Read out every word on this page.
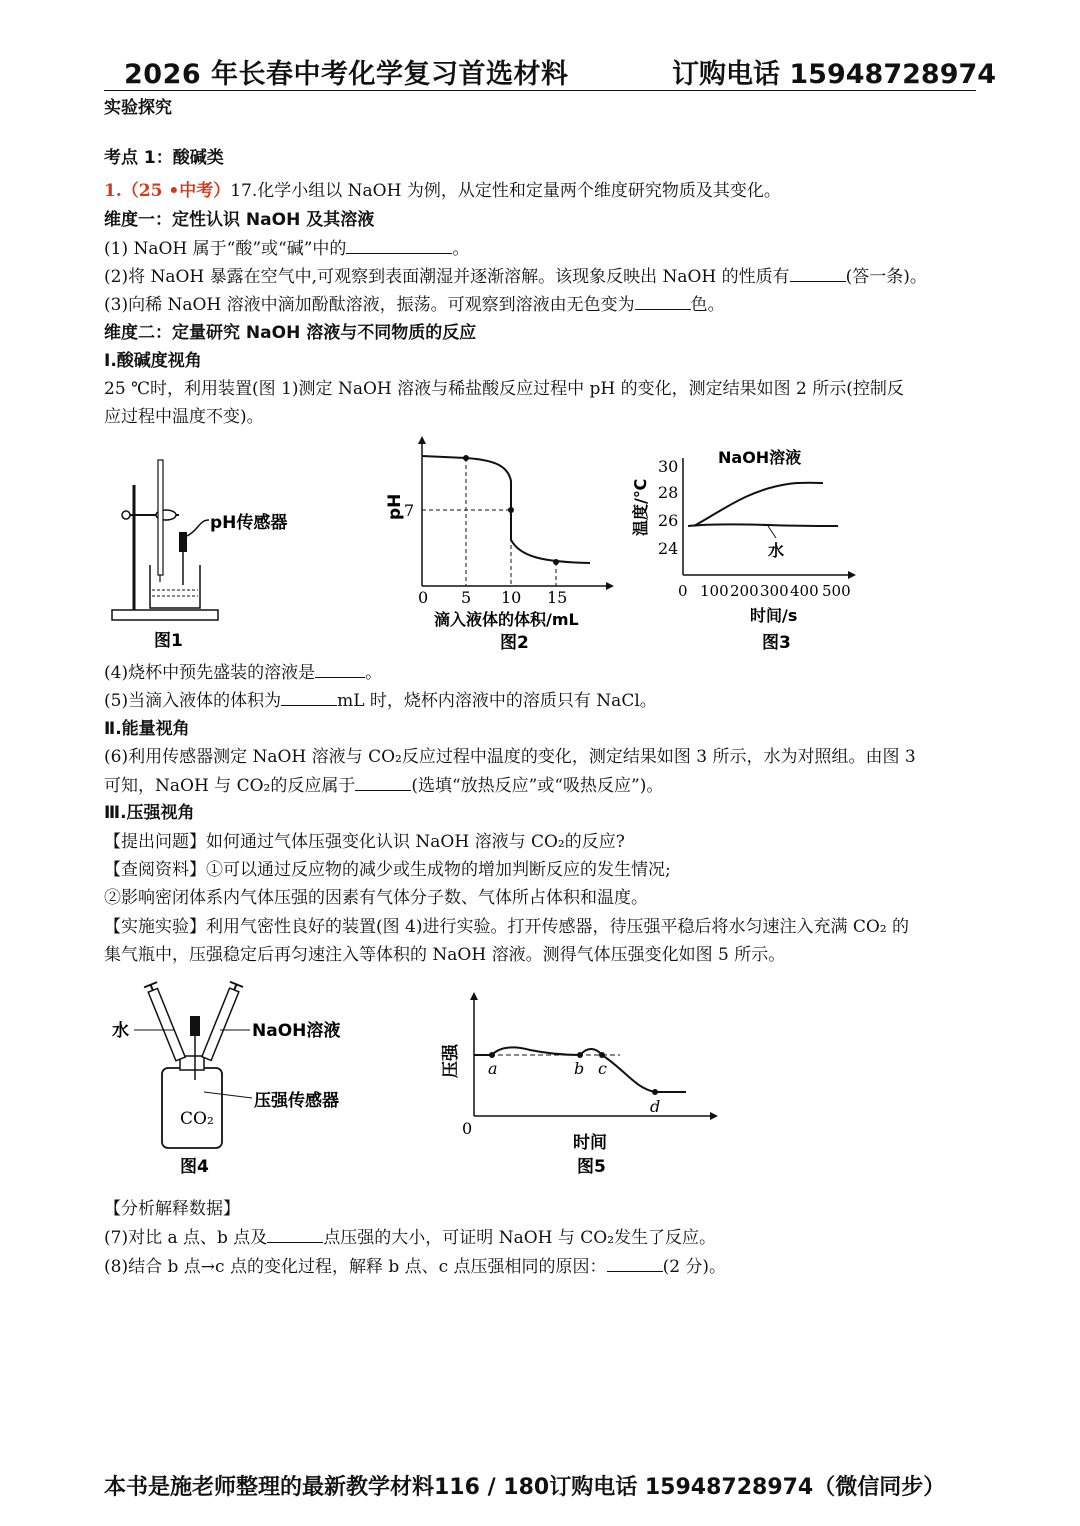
2026 年长春中考化学复习首选材料	订购电话 15948728974
实验探究
考点 1：酸碱类
1.（25 •中考）17.化学小组以 NaOH 为例，从定性和定量两个维度研究物质及其变化。
维度一：定性认识 NaOH 及其溶液
(1) NaOH 属于“酸”或“碱”中的	。
(2)将 NaOH 暴露在空气中,可观察到表面潮湿并逐渐溶解。该现象反映出 NaOH 的性质有	(答一条)。
(3)向稀 NaOH 溶液中滴加酚酞溶液，振荡。可观察到溶液由无色变为	色。
维度二：定量研究 NaOH 溶液与不同物质的反应
I.酸碱度视角
25 ℃时，利用装置(图 1)测定 NaOH 溶液与稀盐酸反应过程中 pH 的变化，测定结果如图 2 所示(控制反
应过程中温度不变)。
pH传感器
图1
7
pH
0 5 10 15
滴入液体的体积/mL
图2
30
28
26
24
温度/℃
NaOH溶液
水
0 100 200 300 400 500
时间/s
图3
(4)烧杯中预先盛装的溶液是	。
(5)当滴入液体的体积为	mL 时，烧杯内溶液中的溶质只有 NaCl。
Ⅱ.能量视角
(6)利用传感器测定 NaOH 溶液与 CO₂反应过程中温度的变化，测定结果如图 3 所示，水为对照组。由图 3
可知，NaOH 与 CO₂的反应属于	(选填“放热反应”或“吸热反应”)。
Ⅲ.压强视角
【提出问题】如何通过气体压强变化认识 NaOH 溶液与 CO₂的反应?
【查阅资料】①可以通过反应物的减少或生成物的增加判断反应的发生情况;
②影响密闭体系内气体压强的因素有气体分子数、气体所占体积和温度。
【实施实验】利用气密性良好的装置(图 4)进行实验。打开传感器，待压强平稳后将水匀速注入充满 CO₂ 的
集气瓶中，压强稳定后再匀速注入等体积的 NaOH 溶液。测得气体压强变化如图 5 所示。
水	NaOH溶液
压强传感器
CO₂
图4
a	b c
d
压强
0
时间
图5
【分析解释数据】
(7)对比 a 点、b 点及	点压强的大小，可证明 NaOH 与 CO₂发生了反应。
(8)结合 b 点→c 点的变化过程，解释 b 点、c 点压强相同的原因：	(2 分)。
本书是施老师整理的最新教学材料116 / 180订购电话 15948728974（微信同步）
